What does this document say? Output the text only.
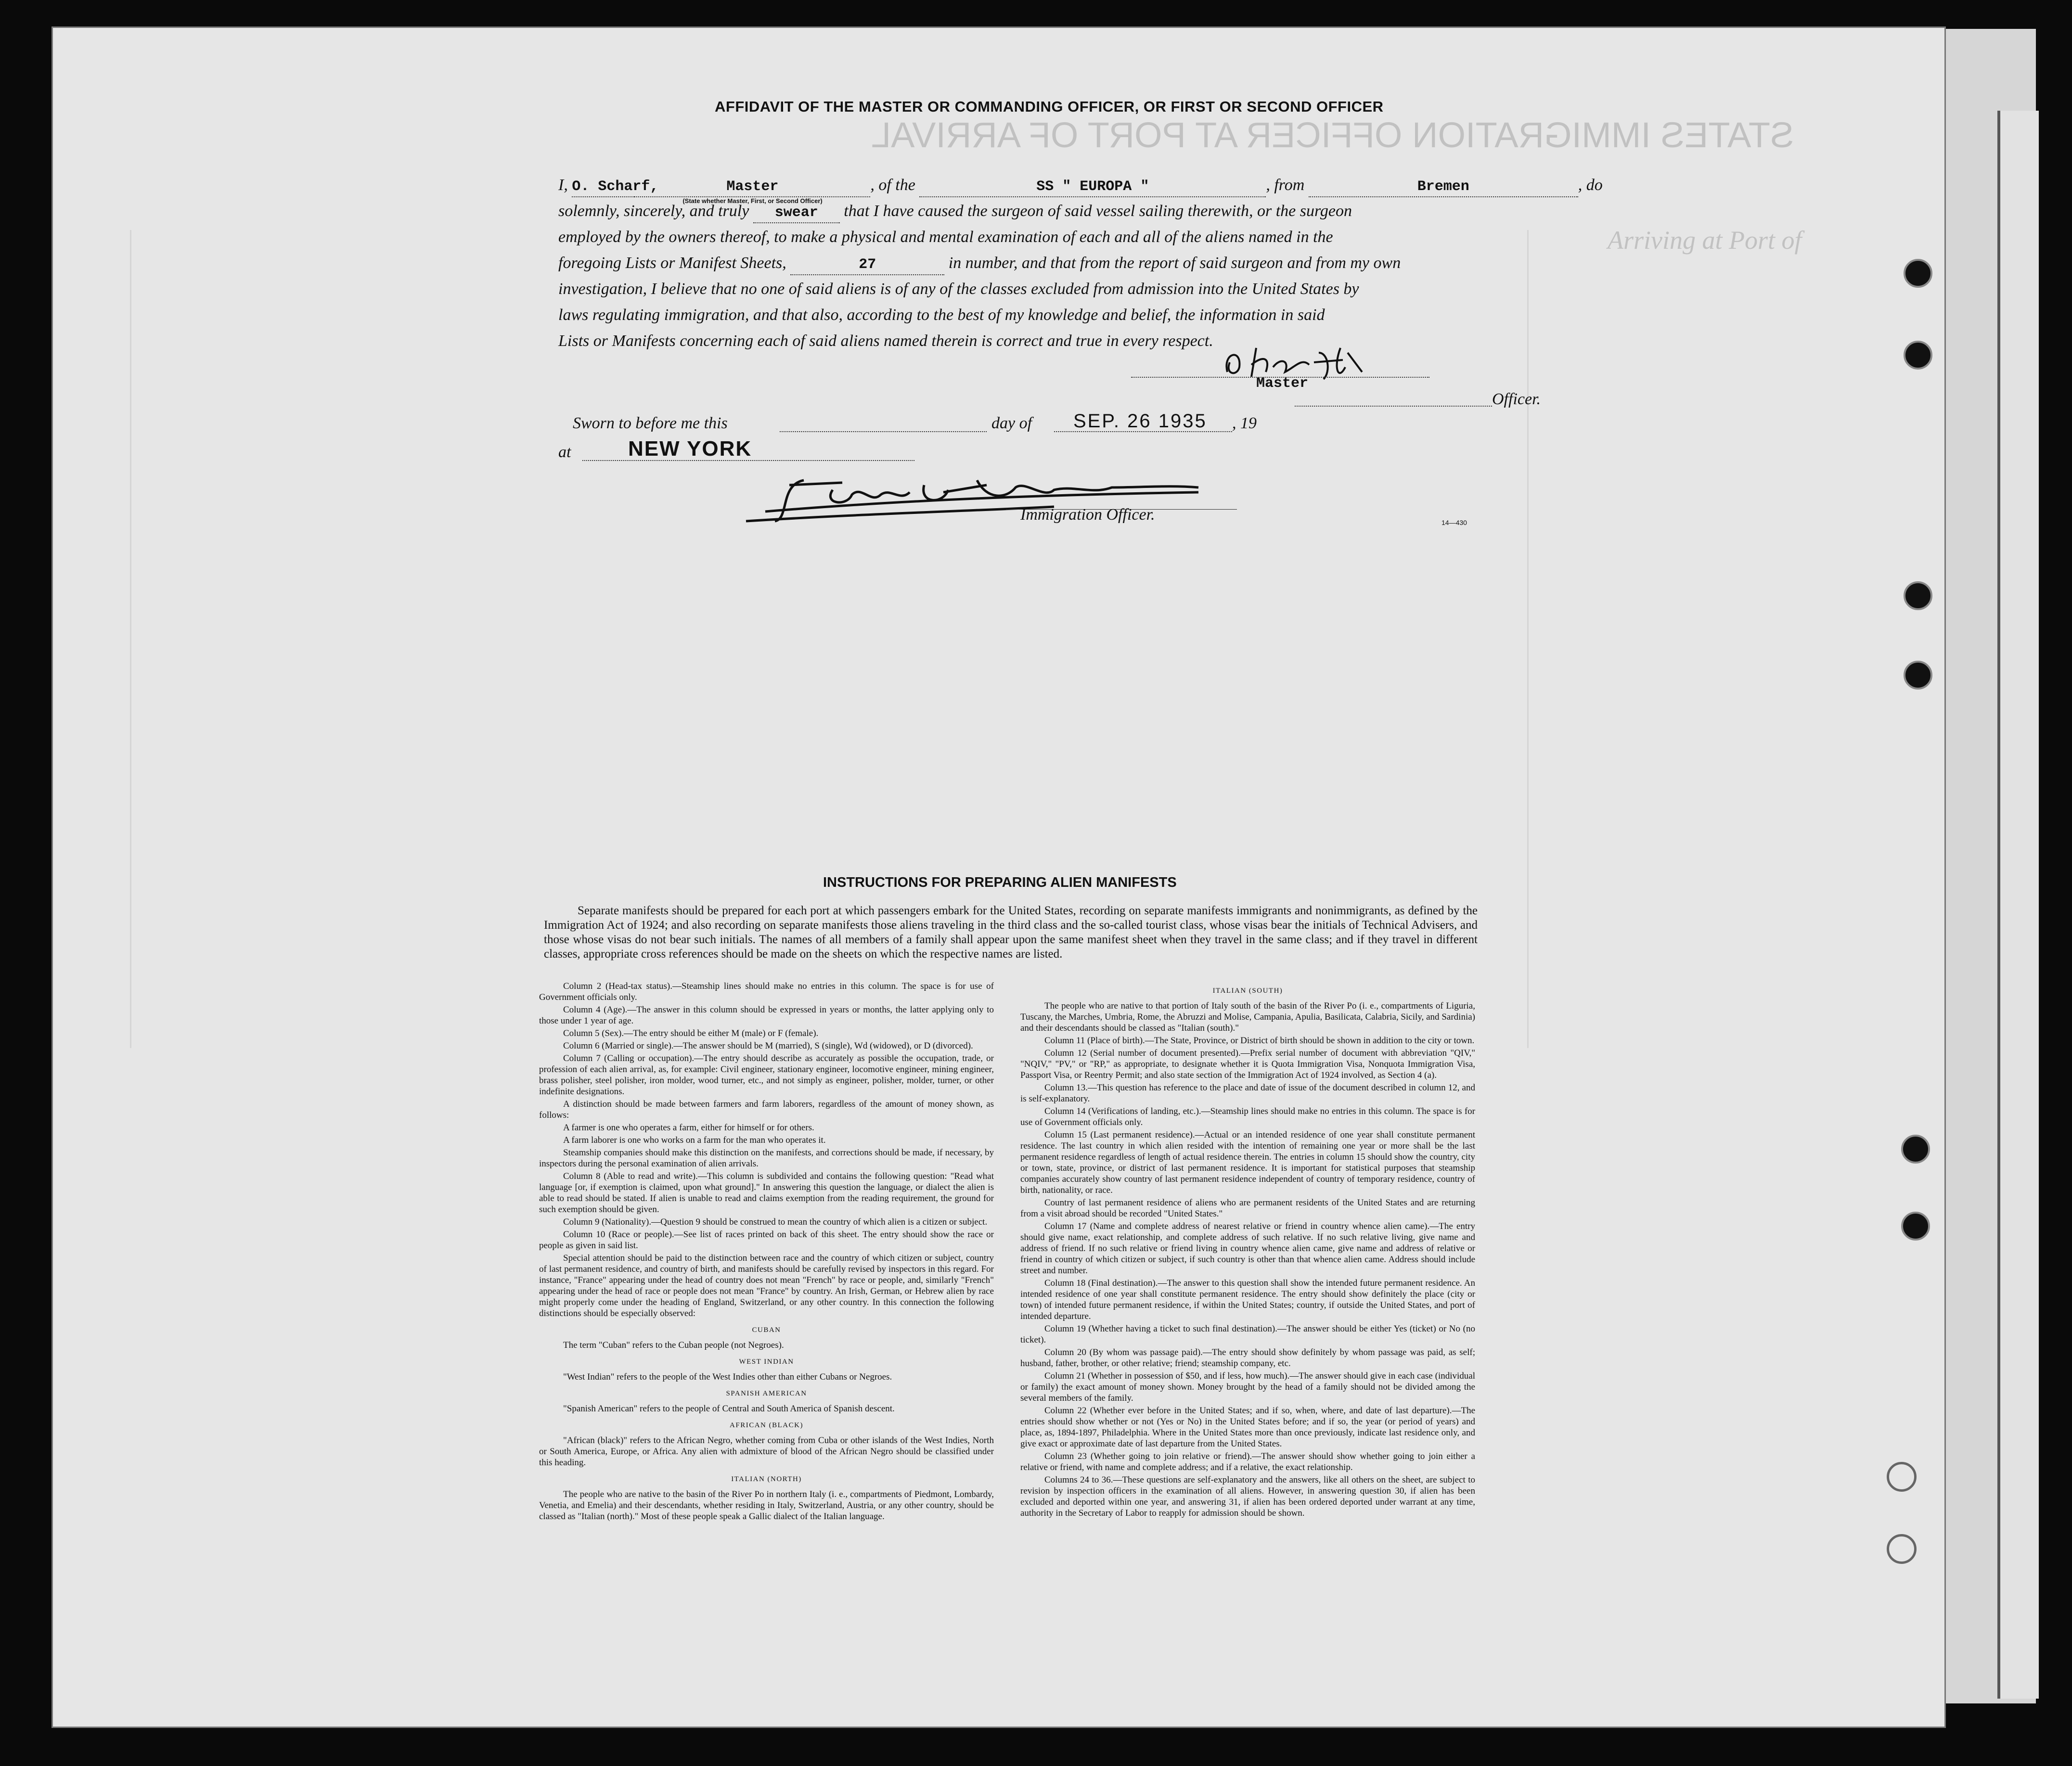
STATES IMMIGRATION OFFICER AT PORT OF ARRIVAL
Arriving at Port of
AFFIDAVIT OF THE MASTER OR COMMANDING OFFICER, OR FIRST OR SECOND OFFICER
I, O. Scharf,	Master
(State whether Master, First, or Second Officer)
, of the	SS " EUROPA "	, from	Bremen	, do
solemnly, sincerely, and truly swear that I have caused the surgeon of said vessel sailing therewith, or the surgeon
employed by the owners thereof, to make a physical and mental examination of each and all of the aliens named in the
foregoing Lists or Manifest Sheets,	27	in number, and that from the report of said surgeon and from my own
investigation, I believe that no one of said aliens is of any of the classes excluded from admission into the United States by
laws regulating immigration, and that also, according to the best of my knowledge and belief, the information in said
Lists or Manifests concerning each of said aliens named therein is correct and true in every respect.
Master
Officer.
Sworn to before me this	day of SEP. 26 1935 , 19
at	NEW YORK
Immigration Officer.	14—430
INSTRUCTIONS FOR PREPARING ALIEN MANIFESTS
Separate manifests should be prepared for each port at which passengers embark for the United States, recording on separate manifests immigrants and nonimmigrants, as defined by the Immigration Act of 1924; and also recording on separate manifests those aliens traveling in the third class and the so-called tourist class, whose visas bear the initials of Technical Advisers, and those whose visas do not bear such initials. The names of all members of a family shall appear upon the same manifest sheet when they travel in the same class; and if they travel in different classes, appropriate cross references should be made on the sheets on which the respective names are listed.

Column 2 (Head-tax status).—Steamship lines should make no entries in this column. The space is for use of Government officials only.

Column 4 (Age).—The answer in this column should be expressed in years or months, the latter applying only to those under 1 year of age.

Column 5 (Sex).—The entry should be either M (male) or F (female).

Column 6 (Married or single).—The answer should be M (married), S (single), Wd (widowed), or D (divorced).

Column 7 (Calling or occupation).—The entry should describe as accurately as possible the occupation, trade, or profession of each alien arrival, as, for example: Civil engineer, stationary engineer, locomotive engineer, mining engineer, brass polisher, steel polisher, iron molder, wood turner, etc., and not simply as engineer, polisher, molder, turner, or other indefinite designations.

A distinction should be made between farmers and farm laborers, regardless of the amount of money shown, as follows:

A farmer is one who operates a farm, either for himself or for others.

A farm laborer is one who works on a farm for the man who operates it.

Steamship companies should make this distinction on the manifests, and corrections should be made, if necessary, by inspectors during the personal examination of alien arrivals.

Column 8 (Able to read and write).—This column is subdivided and contains the following question: "Read what language [or, if exemption is claimed, upon what ground]." In answering this question the language, or dialect the alien is able to read should be stated. If alien is unable to read and claims exemption from the reading requirement, the ground for such exemption should be given.

Column 9 (Nationality).—Question 9 should be construed to mean the country of which alien is a citizen or subject.

Column 10 (Race or people).—See list of races printed on back of this sheet. The entry should show the race or people as given in said list.

Special attention should be paid to the distinction between race and the country of which citizen or subject, country of last permanent residence, and country of birth, and manifests should be carefully revised by inspectors in this regard. For instance, "France" appearing under the head of country does not mean "French" by race or people, and, similarly "French" appearing under the head of race or people does not mean "France" by country. An Irish, German, or Hebrew alien by race might properly come under the heading of England, Switzerland, or any other country. In this connection the following distinctions should be especially observed:

CUBAN

The term "Cuban" refers to the Cuban people (not Negroes).

WEST INDIAN

"West Indian" refers to the people of the West Indies other than either Cubans or Negroes.

SPANISH AMERICAN

"Spanish American" refers to the people of Central and South America of Spanish descent.

AFRICAN (BLACK)

"African (black)" refers to the African Negro, whether coming from Cuba or other islands of the West Indies, North or South America, Europe, or Africa. Any alien with admixture of blood of the African Negro should be classified under this heading.

ITALIAN (NORTH)

The people who are native to the basin of the River Po in northern Italy (i. e., compartments of Piedmont, Lombardy, Venetia, and Emelia) and their descendants, whether residing in Italy, Switzerland, Austria, or any other country, should be classed as "Italian (north)." Most of these people speak a Gallic dialect of the Italian language.

ITALIAN (SOUTH)

The people who are native to that portion of Italy south of the basin of the River Po (i. e., compartments of Liguria, Tuscany, the Marches, Umbria, Rome, the Abruzzi and Molise, Campania, Apulia, Basilicata, Calabria, Sicily, and Sardinia) and their descendants should be classed as "Italian (south)."

Column 11 (Place of birth).—The State, Province, or District of birth should be shown in addition to the city or town.

Column 12 (Serial number of document presented).—Prefix serial number of document with abbreviation "QIV," "NQIV," "PV," or "RP," as appropriate, to designate whether it is Quota Immigration Visa, Nonquota Immigration Visa, Passport Visa, or Reentry Permit; and also state section of the Immigration Act of 1924 involved, as Section 4 (a).

Column 13.—This question has reference to the place and date of issue of the document described in column 12, and is self-explanatory.

Column 14 (Verifications of landing, etc.).—Steamship lines should make no entries in this column. The space is for use of Government officials only.

Column 15 (Last permanent residence).—Actual or an intended residence of one year shall constitute permanent residence. The last country in which alien resided with the intention of remaining one year or more shall be the last permanent residence regardless of length of actual residence therein. The entries in column 15 should show the country, city or town, state, province, or district of last permanent residence. It is important for statistical purposes that steamship companies accurately show country of last permanent residence independent of country of temporary residence, country of birth, nationality, or race.

Country of last permanent residence of aliens who are permanent residents of the United States and are returning from a visit abroad should be recorded "United States."

Column 17 (Name and complete address of nearest relative or friend in country whence alien came).—The entry should give name, exact relationship, and complete address of such relative. If no such relative living, give name and address of friend. If no such relative or friend living in country whence alien came, give name and address of relative or friend in country of which citizen or subject, if such country is other than that whence alien came. Address should include street and number.

Column 18 (Final destination).—The answer to this question shall show the intended future permanent residence. An intended residence of one year shall constitute permanent residence. The entry should show definitely the place (city or town) of intended future permanent residence, if within the United States; country, if outside the United States, and port of intended departure.

Column 19 (Whether having a ticket to such final destination).—The answer should be either Yes (ticket) or No (no ticket).

Column 20 (By whom was passage paid).—The entry should show definitely by whom passage was paid, as self; husband, father, brother, or other relative; friend; steamship company, etc.

Column 21 (Whether in possession of $50, and if less, how much).—The answer should give in each case (individual or family) the exact amount of money shown. Money brought by the head of a family should not be divided among the several members of the family.

Column 22 (Whether ever before in the United States; and if so, when, where, and date of last departure).—The entries should show whether or not (Yes or No) in the United States before; and if so, the year (or period of years) and place, as, 1894-1897, Philadelphia. Where in the United States more than once previously, indicate last residence only, and give exact or approximate date of last departure from the United States.

Column 23 (Whether going to join relative or friend).—The answer should show whether going to join either a relative or friend, with name and complete address; and if a relative, the exact relationship.

Columns 24 to 36.—These questions are self-explanatory and the answers, like all others on the sheet, are subject to revision by inspection officers in the examination of all aliens. However, in answering question 30, if alien has been excluded and deported within one year, and answering 31, if alien has been ordered deported under warrant at any time, authority in the Secretary of Labor to reapply for admission should be shown.
